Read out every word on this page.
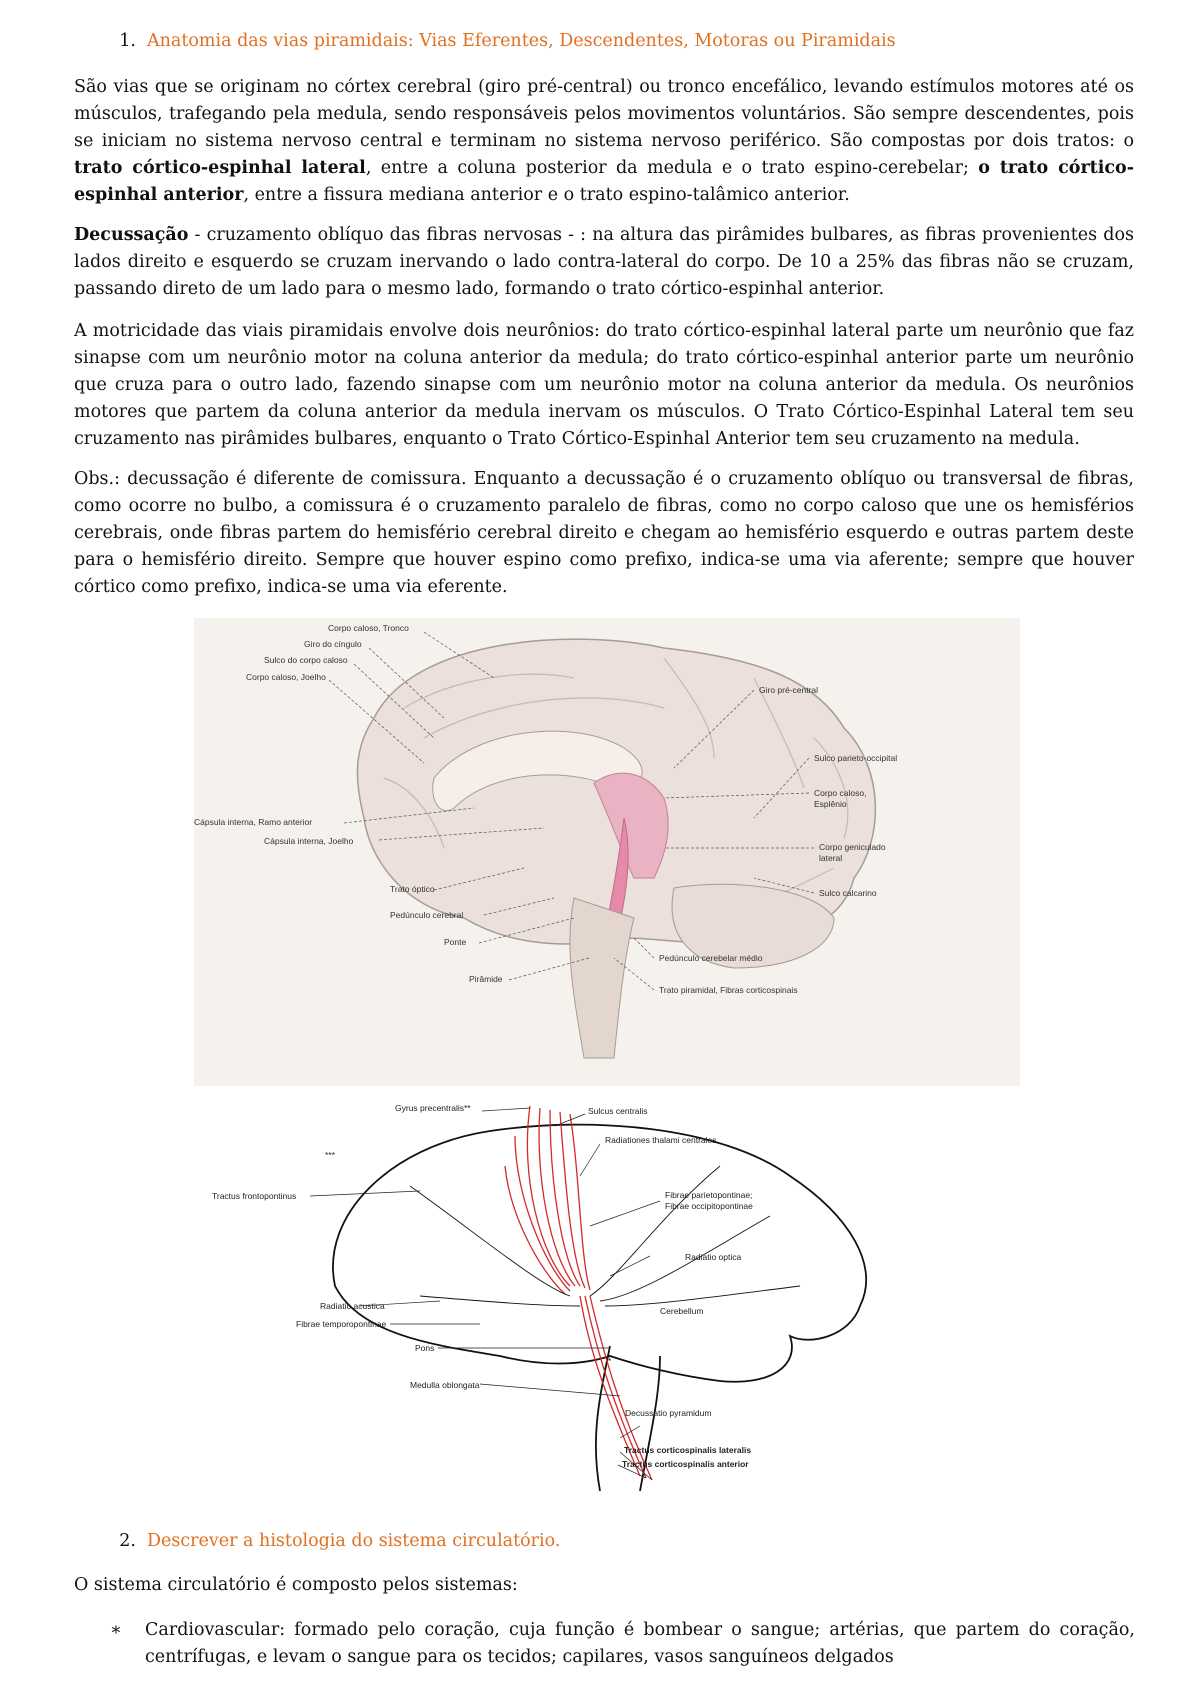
1. Anatomia das vias piramidais: Vias Eferentes, Descendentes, Motoras ou Piramidais
São vias que se originam no córtex cerebral (giro pré-central) ou tronco encefálico, levando estímulos motores até os músculos, trafegando pela medula, sendo responsáveis pelos movimentos voluntários. São sempre descendentes, pois se iniciam no sistema nervoso central e terminam no sistema nervoso periférico. São compostas por dois tratos: o trato córtico-espinhal lateral, entre a coluna posterior da medula e o trato espino-cerebelar; o trato córtico-espinhal anterior, entre a fissura mediana anterior e o trato espino-talâmico anterior.
Decussação - cruzamento oblíquo das fibras nervosas - : na altura das pirâmides bulbares, as fibras provenientes dos lados direito e esquerdo se cruzam inervando o lado contra-lateral do corpo. De 10 a 25% das fibras não se cruzam, passando direto de um lado para o mesmo lado, formando o trato córtico-espinhal anterior.
A motricidade das viais piramidais envolve dois neurônios: do trato córtico-espinhal lateral parte um neurônio que faz sinapse com um neurônio motor na coluna anterior da medula; do trato córtico-espinhal anterior parte um neurônio que cruza para o outro lado, fazendo sinapse com um neurônio motor na coluna anterior da medula. Os neurônios motores que partem da coluna anterior da medula inervam os músculos. O Trato Córtico-Espinhal Lateral tem seu cruzamento nas pirâmides bulbares, enquanto o Trato Córtico-Espinhal Anterior tem seu cruzamento na medula.
Obs.: decussação é diferente de comissura. Enquanto a decussação é o cruzamento oblíquo ou transversal de fibras, como ocorre no bulbo, a comissura é o cruzamento paralelo de fibras, como no corpo caloso que une os hemisférios cerebrais, onde fibras partem do hemisfério cerebral direito e chegam ao hemisfério esquerdo e outras partem deste para o hemisfério direito. Sempre que houver espino como prefixo, indica-se uma via aferente; sempre que houver córtico como prefixo, indica-se uma via eferente.
Corpo caloso, Tronco
Giro do cíngulo
Sulco do corpo caloso
Corpo caloso, Joelho
Cápsula interna, Ramo anterior
Cápsula interna, Joelho
Trato óptico
Pedúnculo cerebral
Ponte
Pirâmide
Giro pré-central
Sulco parieto-occipital
Corpo caloso,
Esplênio
Corpo geniculado
lateral
Sulco calcarino
Pedúnculo cerebelar médio
Trato piramidal, Fibras corticospinais
Gyrus precentralis**	Sulcus centralis
Radiationes thalami centrales
***
Tractus frontopontinus	Fibrae parietopontinae;
Fibrae occipitopontinae
Radiatio optica
Radiatio acustica	Cerebellum
Fibrae temporopontinae
Pons
*
Medulla oblongata
Decussatio pyramidum
Tractus corticospinalis lateralis
Tractus corticospinalis anterior
2. Descrever a histologia do sistema circulatório.
O sistema circulatório é composto pelos sistemas:
∗ Cardiovascular: formado pelo coração, cuja função é bombear o sangue; artérias, que partem do coração, centrífugas, e levam o sangue para os tecidos; capilares, vasos sanguíneos delgados
